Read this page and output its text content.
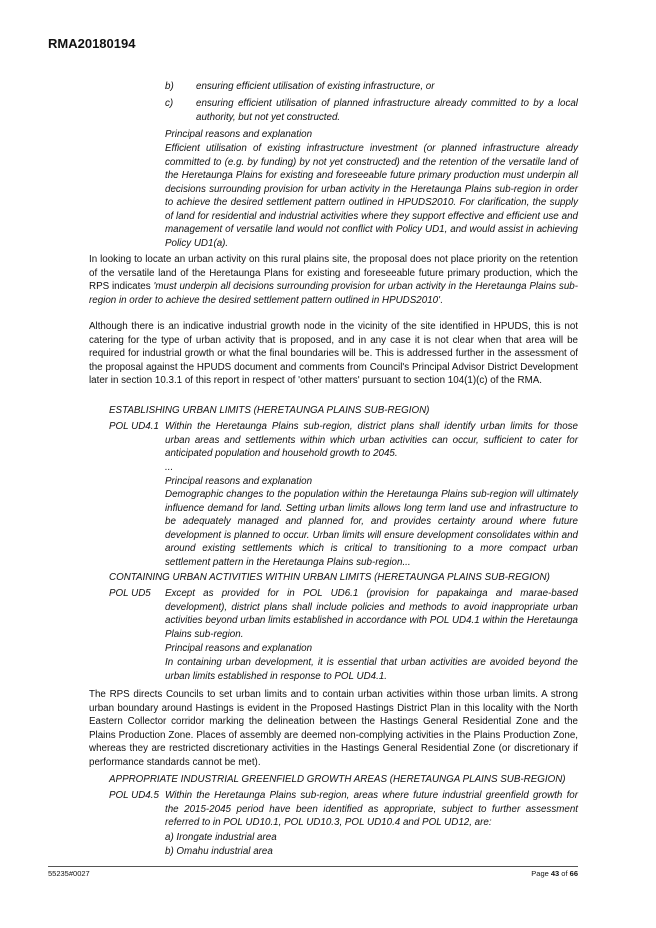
RMA20180194
b) ensuring efficient utilisation of existing infrastructure, or

c) ensuring efficient utilisation of planned infrastructure already committed to by a local authority, but not yet constructed.

Principal reasons and explanation

Efficient utilisation of existing infrastructure investment (or planned infrastructure already committed to (e.g. by funding) by not yet constructed) and the retention of the versatile land of the Heretaunga Plains for existing and foreseeable future primary production must underpin all decisions surrounding provision for urban activity in the Heretaunga Plains sub-region in order to achieve the desired settlement pattern outlined in HPUDS2010. For clarification, the supply of land for residential and industrial activities where they support effective and efficient use and management of versatile land would not conflict with Policy UD1, and would assist in achieving Policy UD1(a).

In looking to locate an urban activity on this rural plains site, the proposal does not place priority on the retention of the versatile land of the Heretaunga Plans for existing and foreseeable future primary production, which the RPS indicates 'must underpin all decisions surrounding provision for urban activity in the Heretaunga Plains sub-region in order to achieve the desired settlement pattern outlined in HPUDS2010'.

Although there is an indicative industrial growth node in the vicinity of the site identified in HPUDS, this is not catering for the type of urban activity that is proposed, and in any case it is not clear when that area will be required for industrial growth or what the final boundaries will be. This is addressed further in the assessment of the proposal against the HPUDS document and comments from Council's Principal Advisor District Development later in section 10.3.1 of this report in respect of 'other matters' pursuant to section 104(1)(c) of the RMA.

ESTABLISHING URBAN LIMITS (HERETAUNGA PLAINS SUB-REGION)

POL UD4.1 Within the Heretaunga Plains sub-region, district plans shall identify urban limits for those urban areas and settlements within which urban activities can occur, sufficient to cater for anticipated population and household growth to 2045.

...

Principal reasons and explanation

Demographic changes to the population within the Heretaunga Plains sub-region will ultimately influence demand for land. Setting urban limits allows long term land use and infrastructure to be adequately managed and planned for, and provides certainty around where future development is planned to occur. Urban limits will ensure development consolidates within and around existing settlements which is critical to transitioning to a more compact urban settlement pattern in the Heretaunga Plains sub-region...

CONTAINING URBAN ACTIVITIES WITHIN URBAN LIMITS (HERETAUNGA PLAINS SUB-REGION)

POL UD5 Except as provided for in POL UD6.1 (provision for papakainga and marae-based development), district plans shall include policies and methods to avoid inappropriate urban activities beyond urban limits established in accordance with POL UD4.1 within the Heretaunga Plains sub-region.

Principal reasons and explanation

In containing urban development, it is essential that urban activities are avoided beyond the urban limits established in response to POL UD4.1.

The RPS directs Councils to set urban limits and to contain urban activities within those urban limits. A strong urban boundary around Hastings is evident in the Proposed Hastings District Plan in this locality with the North Eastern Collector corridor marking the delineation between the Hastings General Residential Zone and the Plains Production Zone. Places of assembly are deemed non-complying activities in the Plains Production Zone, whereas they are restricted discretionary activities in the Hastings General Residential Zone (or discretionary if performance standards cannot be met).

APPROPRIATE INDUSTRIAL GREENFIELD GROWTH AREAS (HERETAUNGA PLAINS SUB-REGION)

POL UD4.5 Within the Heretaunga Plains sub-region, areas where future industrial greenfield growth for the 2015-2045 period have been identified as appropriate, subject to further assessment referred to in POL UD10.1, POL UD10.3, POL UD10.4 and POL UD12, are:

a) Irongate industrial area

b) Omahu industrial area

55235#0027	Page 43 of 66
